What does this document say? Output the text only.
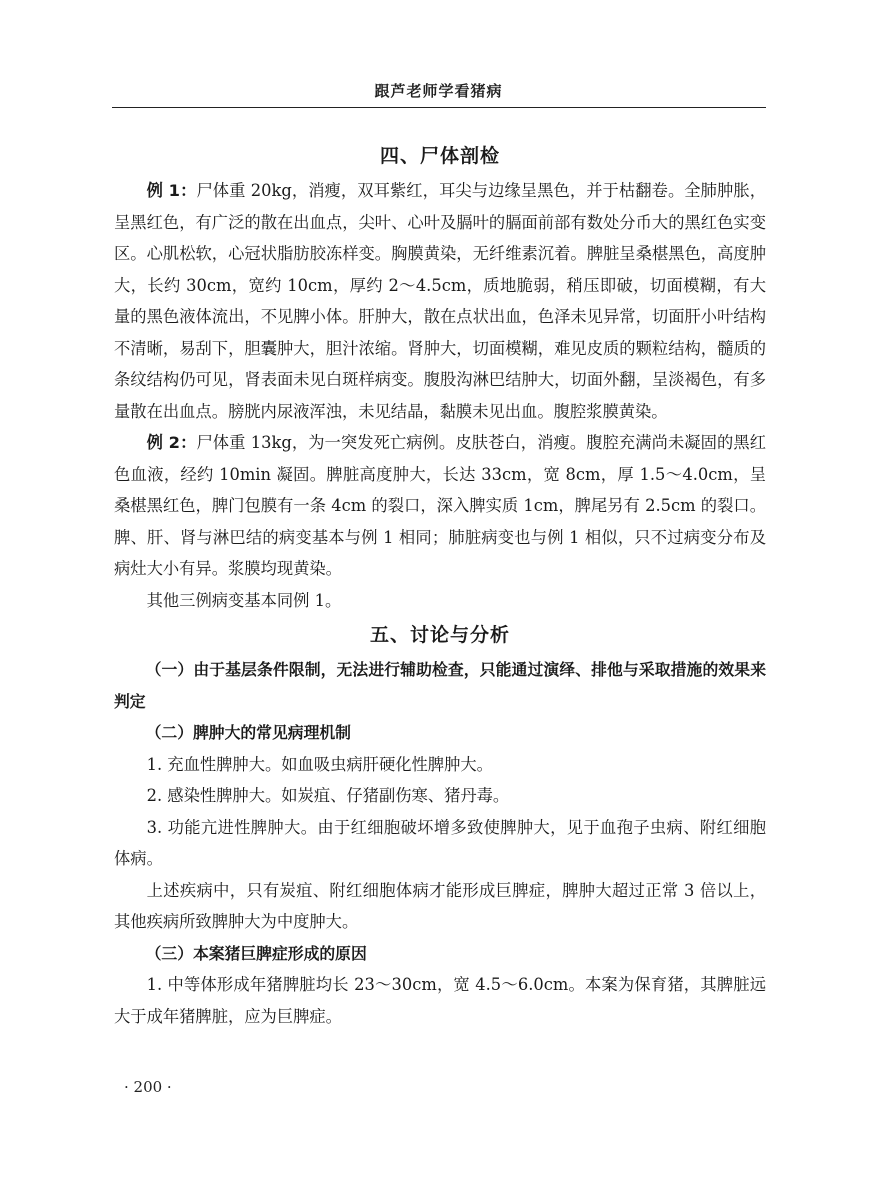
跟芦老师学看猪病
四、尸体剖检

例 1：尸体重 20kg，消瘦，双耳紫红，耳尖与边缘呈黑色，并于枯翻卷。全肺肿胀，呈黑红色，有广泛的散在出血点，尖叶、心叶及膈叶的膈面前部有数处分币大的黑红色实变区。心肌松软，心冠状脂肪胶冻样变。胸膜黄染，无纤维素沉着。脾脏呈桑椹黑色，高度肿大，长约 30cm，宽约 10cm，厚约 2～4.5cm，质地脆弱，稍压即破，切面模糊，有大量的黑色液体流出，不见脾小体。肝肿大，散在点状出血，色泽未见异常，切面肝小叶结构不清晰，易刮下，胆囊肿大，胆汁浓缩。肾肿大，切面模糊，难见皮质的颗粒结构，髓质的条纹结构仍可见，肾表面未见白斑样病变。腹股沟淋巴结肿大，切面外翻，呈淡褐色，有多量散在出血点。膀胱内尿液浑浊，未见结晶，黏膜未见出血。腹腔浆膜黄染。

例 2：尸体重 13kg，为一突发死亡病例。皮肤苍白，消瘦。腹腔充满尚未凝固的黑红色血液，经约 10min 凝固。脾脏高度肿大，长达 33cm，宽 8cm，厚 1.5～4.0cm，呈桑椹黑红色，脾门包膜有一条 4cm 的裂口，深入脾实质 1cm，脾尾另有 2.5cm 的裂口。脾、肝、肾与淋巴结的病变基本与例 1 相同；肺脏病变也与例 1 相似，只不过病变分布及病灶大小有异。浆膜均现黄染。

其他三例病变基本同例 1。

五、讨论与分析
（一）由于基层条件限制，无法进行辅助检查，只能通过演绎、排他与采取措施的效果来判定
（二）脾肿大的常见病理机制

1. 充血性脾肿大。如血吸虫病肝硬化性脾肿大。

2. 感染性脾肿大。如炭疽、仔猪副伤寒、猪丹毒。

3. 功能亢进性脾肿大。由于红细胞破坏增多致使脾肿大，见于血孢子虫病、附红细胞体病。

上述疾病中，只有炭疽、附红细胞体病才能形成巨脾症，脾肿大超过正常 3 倍以上，其他疾病所致脾肿大为中度肿大。

（三）本案猪巨脾症形成的原因

1. 中等体形成年猪脾脏均长 23～30cm，宽 4.5～6.0cm。本案为保育猪，其脾脏远大于成年猪脾脏，应为巨脾症。

· 200 ·
